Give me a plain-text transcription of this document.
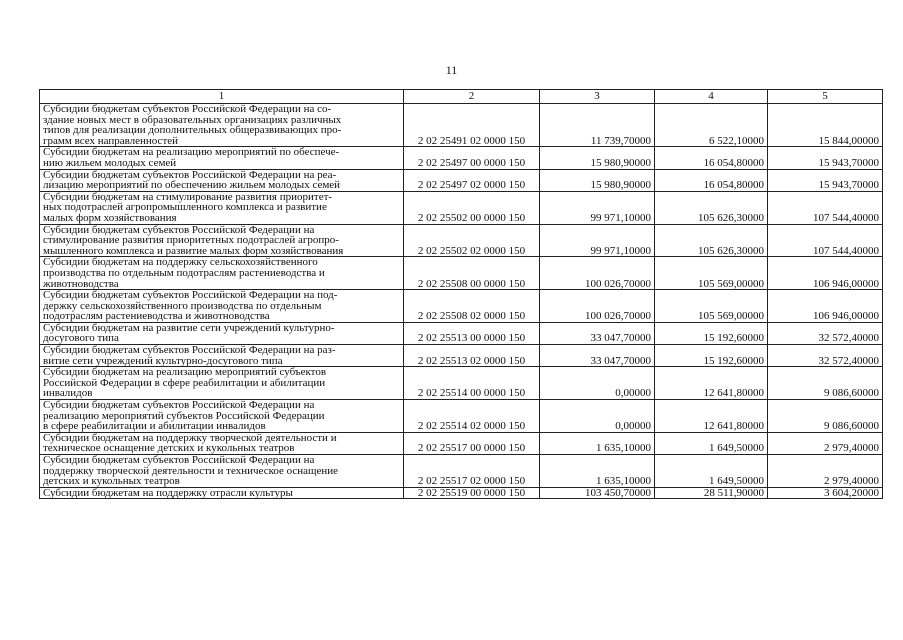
11
1	2	3	4	5
Субсидии бюджетам субъектов Российской Федерации на со-
здание новых мест в образовательных организациях различных
типов для реализации дополнительных общеразвивающих про-
грамм всех направленностей	2 02 25491 02 0000 150	11 739,70000	6 522,10000	15 844,00000
Субсидии бюджетам на реализацию мероприятий по обеспече-
нию жильем молодых семей	2 02 25497 00 0000 150	15 980,90000	16 054,80000	15 943,70000
Субсидии бюджетам субъектов Российской Федерации на реа-
лизацию мероприятий по обеспечению жильем молодых семей	2 02 25497 02 0000 150	15 980,90000	16 054,80000	15 943,70000
Субсидии бюджетам на стимулирование развития приоритет-
ных подотраслей агропромышленного комплекса и развитие
малых форм хозяйствования	2 02 25502 00 0000 150	99 971,10000	105 626,30000	107 544,40000
Субсидии бюджетам субъектов Российской Федерации на
стимулирование развития приоритетных подотраслей агропро-
мышленного комплекса и развитие малых форм хозяйствования	2 02 25502 02 0000 150	99 971,10000	105 626,30000	107 544,40000
Субсидии бюджетам на поддержку сельскохозяйственного
производства по отдельным подотраслям растениеводства и
животноводства	2 02 25508 00 0000 150	100 026,70000	105 569,00000	106 946,00000
Субсидии бюджетам субъектов Российской Федерации на под-
держку сельскохозяйственного производства по отдельным
подотраслям растениеводства и животноводства	2 02 25508 02 0000 150	100 026,70000	105 569,00000	106 946,00000
Субсидии бюджетам на развитие сети учреждений культурно-
досугового типа	2 02 25513 00 0000 150	33 047,70000	15 192,60000	32 572,40000
Субсидии бюджетам субъектов Российской Федерации на раз-
витие сети учреждений культурно-досугового типа	2 02 25513 02 0000 150	33 047,70000	15 192,60000	32 572,40000
Субсидии бюджетам на реализацию мероприятий субъектов
Российской Федерации в сфере реабилитации и абилитации
инвалидов	2 02 25514 00 0000 150	0,00000	12 641,80000	9 086,60000
Субсидии бюджетам субъектов Российской Федерации на
реализацию мероприятий субъектов Российской Федерации
в сфере реабилитации и абилитации инвалидов	2 02 25514 02 0000 150	0,00000	12 641,80000	9 086,60000
Субсидии бюджетам на поддержку творческой деятельности и
техническое оснащение детских и кукольных театров	2 02 25517 00 0000 150	1 635,10000	1 649,50000	2 979,40000
Субсидии бюджетам субъектов Российской Федерации на
поддержку творческой деятельности и техническое оснащение
детских и кукольных театров	2 02 25517 02 0000 150	1 635,10000	1 649,50000	2 979,40000
Субсидии бюджетам на поддержку отрасли культуры	2 02 25519 00 0000 150	103 450,70000	28 511,90000	3 604,20000
